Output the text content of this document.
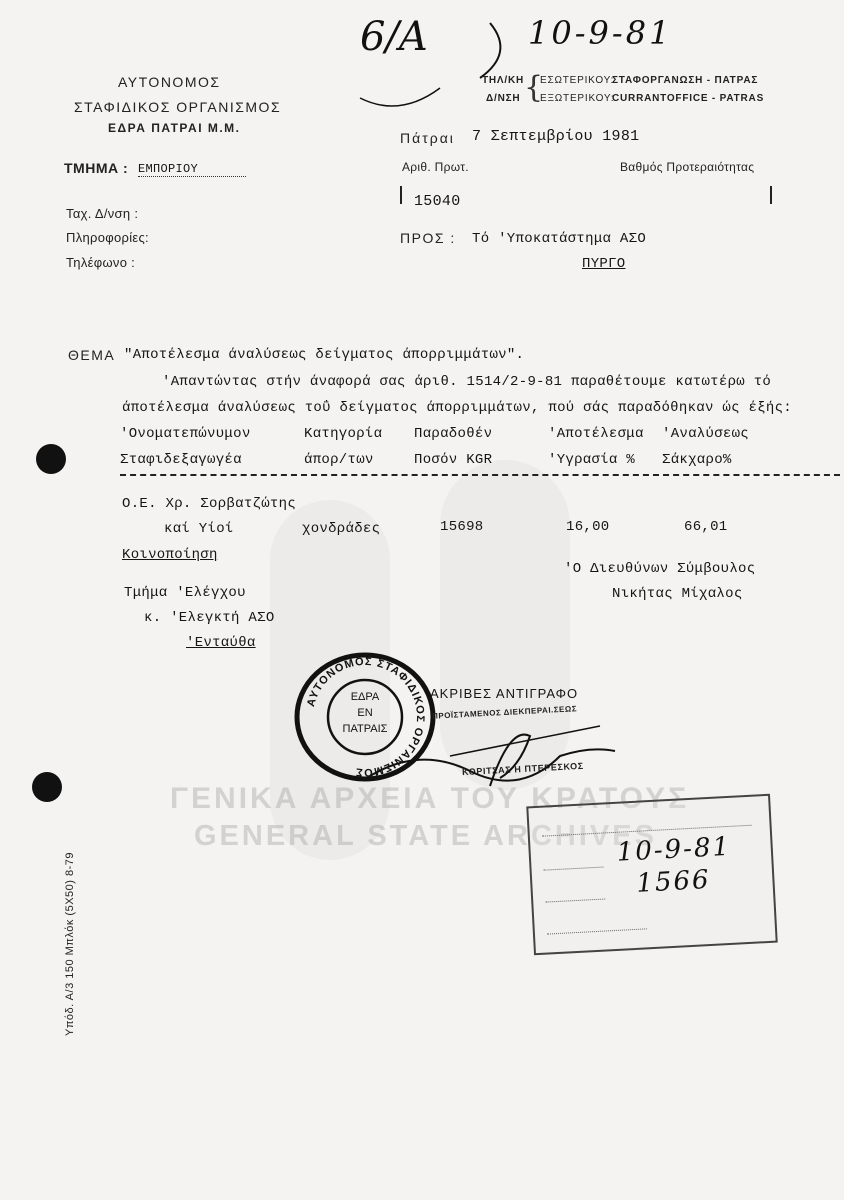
6/A	10-9-81
ΑΥΤΟΝΟΜΟΣ
ΣΤΑΦΙΔΙΚΟΣ ΟΡΓΑΝΙΣΜΟΣ
ΕΔΡΑ ΠΑΤΡΑΙ Μ.Μ.
ΤΗΛ/ΚΗ
Δ/ΝΣΗ {
ΕΣΩΤΕΡΙΚΟΥ:
ΣΤΑΦΟΡΓΑΝΩΣΗ - ΠΑΤΡΑΣ
ΕΞΩΤΕΡΙΚΟΥ:
CURRANTOFFICE - PATRAS
Πάτραι 7 Σεπτεμβρίου 1981
ΤΜΗΜΑ : ΕΜΠΟΡΙΟΥ	Αριθ. Πρωτ.	Βαθμός Προτεραιότητας
15040
Ταχ. Δ/νση :
Πληροφορίες:
Τηλέφωνο :
ΠΡΟΣ : Τό 'Υποκατάστημα ΑΣΟ
ΠΥΡΓΟ
ΘΕΜΑ "Αποτέλεσμα άναλύσεως δείγματος άπορριμμάτων".
'Απαντώντας στήν άναφορά σας άριθ. 1514/2-9-81 παραθέτουμε κατωτέρω τό
άποτέλεσμα άναλύσεως τοΰ δείγματος άπορριμμάτων, πού σάς παραδόθηκαν ώς έξής:
'Ονοματεπώνυμον	Κατηγορία Παραδοθέν	'Αποτέλεσμα 'Αναλύσεως
Σταφιδεξαγωγέα	άπορ/των	Ποσόν KGR	'Υγρασία % Σάκχαρο%
Ο.Ε. Χρ. Σορβατζώτης
καί Υίοί	χονδράδες	15698	16,00	66,01
Κοινοποίηση
Τμήμα 'Ελέγχου
κ. 'Ελεγκτή ΑΣΟ
'Ενταύθα
'Ο Διευθύνων Σύμβουλος
Νικήτας Μίχαλος
ΑΥΤΟΝΟΜΟΣ ΣΤΑΦΙΔΙΚΟΣ ΟΡΓΑΝΙΣΜΟΣ
ΕΔΡΑ
ΕΝ
ΠΑΤΡΑΙΣ
ΑΚΡΙΒΕΣ ΑΝΤΙΓΡΑΦΟ
ΠΡΟΪΣΤΑΜΕΝΟΣ ΔΙΕΚΠΕΡΑΙ.ΣΕΩΣ
ΚΟΡΙΤΣΑΣ Η ΠΤΕΡΕΣΚΟΣ
ΓΕΝΙΚΑ ΑΡΧΕΙΑ ΤΟΥ ΚΡΑΤΟΥΣ
GENERAL STATE ARCHIVES
10-9-81
1566
Υπόδ. Α/3 150 Μπλόκ (5Χ50) 8-79
